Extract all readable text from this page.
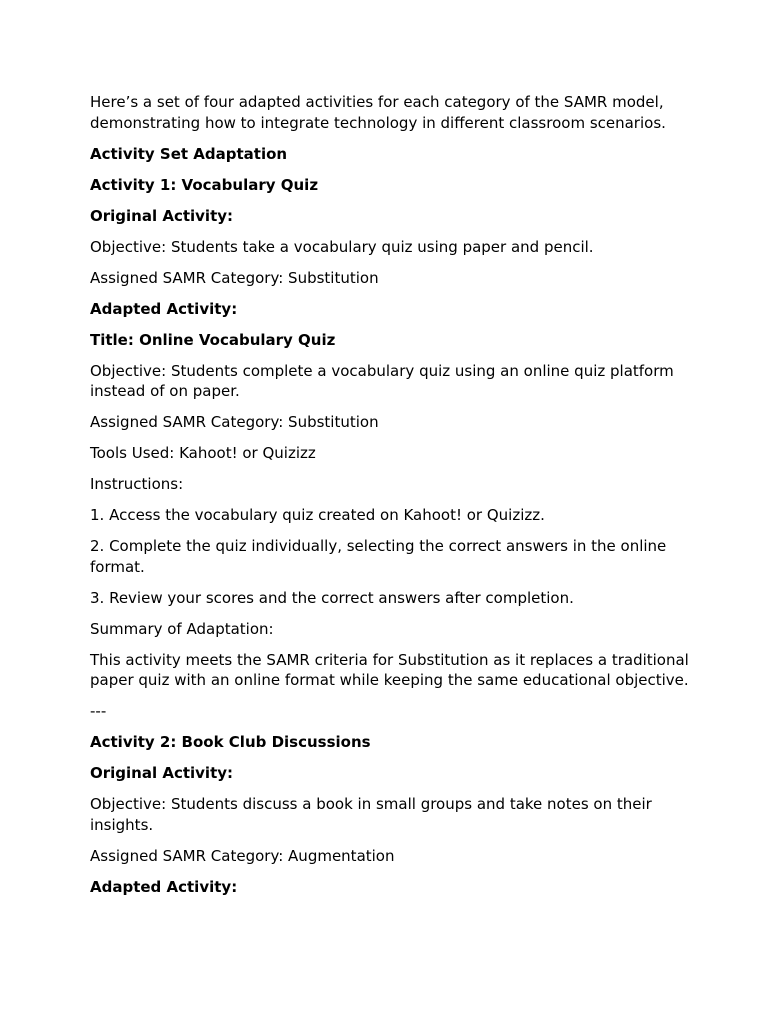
Here’s a set of four adapted activities for each category of the SAMR model, demonstrating how to integrate technology in different classroom scenarios.

Activity Set Adaptation

Activity 1: Vocabulary Quiz

Original Activity:

Objective: Students take a vocabulary quiz using paper and pencil.

Assigned SAMR Category: Substitution

Adapted Activity:

Title: Online Vocabulary Quiz

Objective: Students complete a vocabulary quiz using an online quiz platform instead of on paper.

Assigned SAMR Category: Substitution

Tools Used: Kahoot! or Quizizz

Instructions:

1. Access the vocabulary quiz created on Kahoot! or Quizizz.

2. Complete the quiz individually, selecting the correct answers in the online format.

3. Review your scores and the correct answers after completion.

Summary of Adaptation:

This activity meets the SAMR criteria for Substitution as it replaces a traditional paper quiz with an online format while keeping the same educational objective.

---

Activity 2: Book Club Discussions

Original Activity:

Objective: Students discuss a book in small groups and take notes on their insights.

Assigned SAMR Category: Augmentation

Adapted Activity:
